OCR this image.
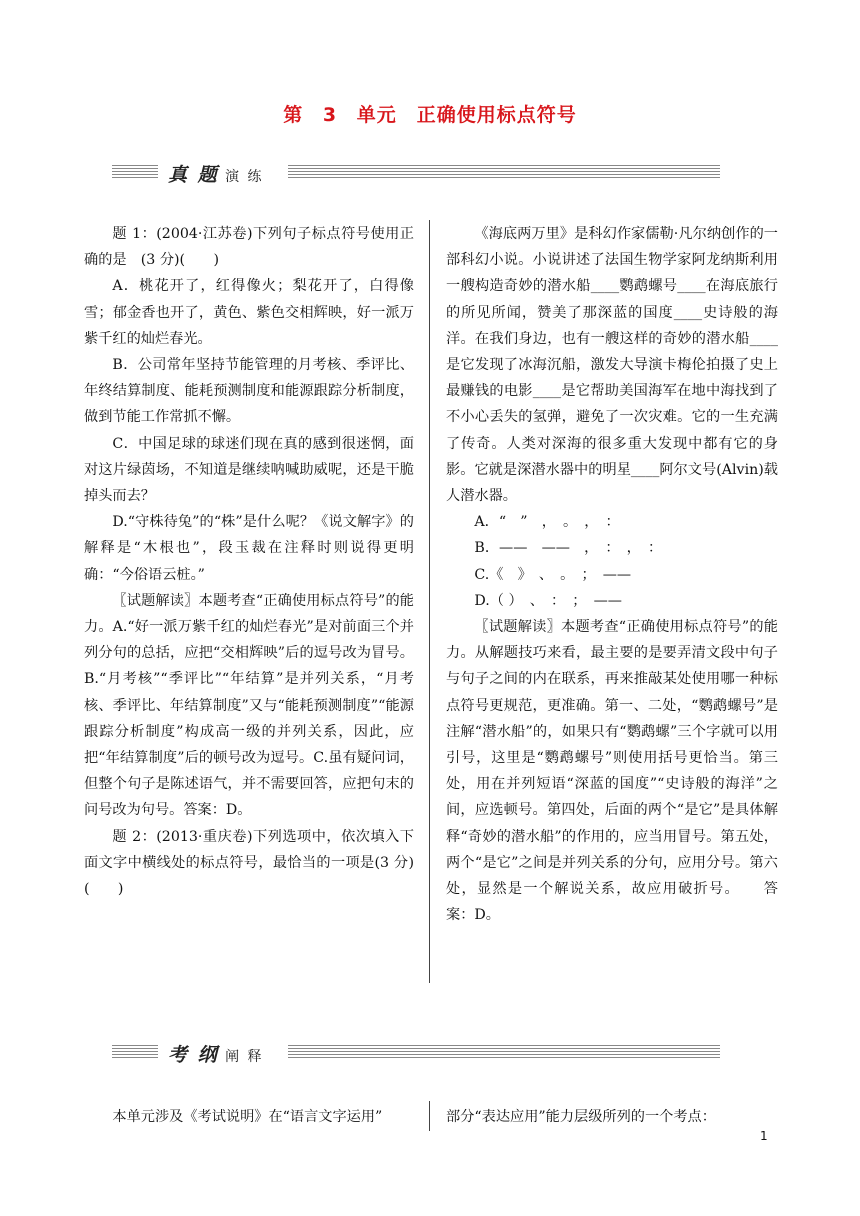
第 3 单元　正确使用标点符号
真 题 演 练

题 1：(2004·江苏卷)下列句子标点符号使用正确的是　(3 分)(　　)

A．桃花开了，红得像火；梨花开了，白得像雪；郁金香也开了，黄色、紫色交相辉映，好一派万紫千红的灿烂春光。

B．公司常年坚持节能管理的月考核、季评比、年终结算制度、能耗预测制度和能源跟踪分析制度，做到节能工作常抓不懈。

C．中国足球的球迷们现在真的感到很迷惘，面对这片绿茵场，不知道是继续呐喊助威呢，还是干脆掉头而去？

D.“守株待兔”的“株”是什么呢？《说文解字》的解释是“木根也”，段玉裁在注释时则说得更明确：“今俗语云桩。”

〖试题解读〗本题考查“正确使用标点符号”的能力。A.“好一派万紫千红的灿烂春光”是对前面三个并列分句的总括，应把“交相辉映”后的逗号改为冒号。B.“月考核”“季评比”“年结算”是并列关系，“月考核、季评比、年结算制度”又与“能耗预测制度”“能源跟踪分析制度”构成高一级的并列关系，因此，应把“年结算制度”后的顿号改为逗号。C.虽有疑问词，但整个句子是陈述语气，并不需要回答，应把句末的问号改为句号。答案：D。

题 2：(2013·重庆卷)下列选项中，依次填入下面文字中横线处的标点符号，最恰当的一项是(3 分)(　　)

《海底两万里》是科幻作家儒勒·凡尔纳创作的一部科幻小说。小说讲述了法国生物学家阿龙纳斯利用一艘构造奇妙的潜水船____鹦鹉螺号____在海底旅行的所见所闻，赞美了那深蓝的国度____史诗般的海洋。在我们身边，也有一艘这样的奇妙的潜水船____是它发现了冰海沉船，激发大导演卡梅伦拍摄了史上最赚钱的电影____是它帮助美国海军在地中海找到了不小心丢失的氢弹，避免了一次灾难。它的一生充满了传奇。人类对深海的很多重大发现中都有它的身影。它就是深潜水器中的明星____阿尔文号(Alvin)载人潜水器。

A．“　”　，　。　，　：

B．——　——　，　：　，　：

C.《　》　、　。　；　——

D.（ ）　、　：　；　——

〖试题解读〗本题考查“正确使用标点符号”的能力。从解题技巧来看，最主要的是要弄清文段中句子与句子之间的内在联系，再来推敲某处使用哪一种标点符号更规范，更准确。第一、二处，“鹦鹉螺号”是注解“潜水船”的，如果只有“鹦鹉螺”三个字就可以用引号，这里是“鹦鹉螺号”则使用括号更恰当。第三处，用在并列短语“深蓝的国度”“史诗般的海洋”之间，应选顿号。第四处，后面的两个“是它”是具体解释“奇妙的潜水船”的作用的，应当用冒号。第五处，两个“是它”之间是并列关系的分句，应用分号。第六处，显然是一个解说关系，故应用破折号。　　答案：D。

考 纲 阐 释
本单元涉及《考试说明》在“语言文字运用”	部分“表达应用”能力层级所列的一个考点：
1
